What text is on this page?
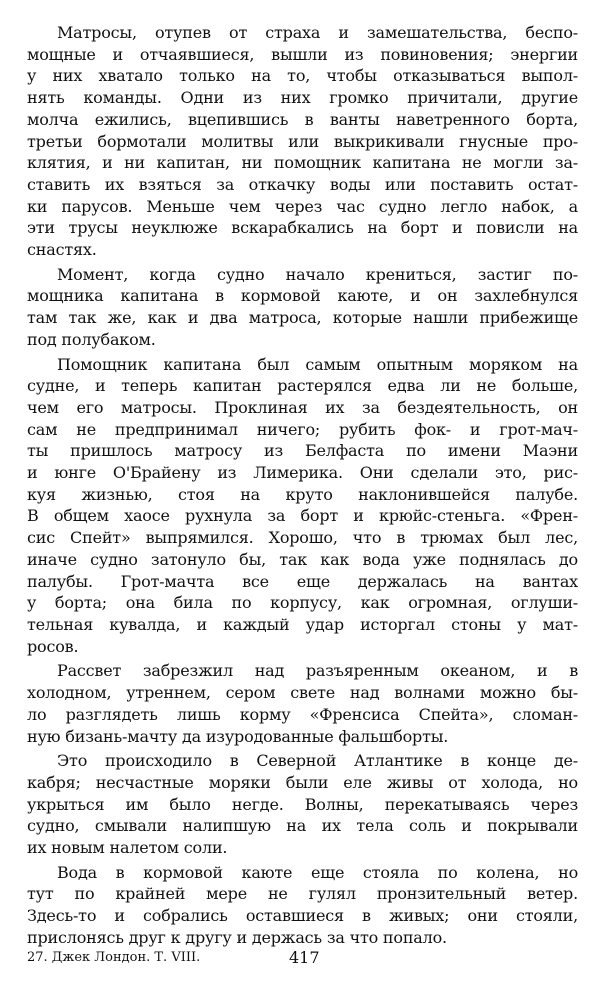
Матросы, отупев от страха и замешательства, беспо-
мощные и отчаявшиеся, вышли из повиновения; энергии
у них хватало только на то, чтобы отказываться выпол-
нять команды. Одни из них громко причитали, другие
молча ежились, вцепившись в ванты наветренного борта,
третьи бормотали молитвы или выкрикивали гнусные про-
клятия, и ни капитан, ни помощник капитана не могли за-
ставить их взяться за откачку воды или поставить остат-
ки парусов. Меньше чем через час судно легло набок, а
эти трусы неуклюже вскарабкались на борт и повисли на
снастях.
Момент, когда судно начало крениться, застиг по-
мощника капитана в кормовой каюте, и он захлебнулся
там так же, как и два матроса, которые нашли прибежище
под полубаком.
Помощник капитана был самым опытным моряком на
судне, и теперь капитан растерялся едва ли не больше,
чем его матросы. Проклиная их за бездеятельность, он
сам не предпринимал ничего; рубить фок- и грот-мач-
ты пришлось матросу из Белфаста по имени Маэни
и юнге О'Брайену из Лимерика. Они сделали это, рис-
куя жизнью, стоя на круто наклонившейся палубе.
В общем хаосе рухнула за борт и крюйс-стеньга. «Френ-
сис Спейт» выпрямился. Хорошо, что в трюмах был лес,
иначе судно затонуло бы, так как вода уже поднялась до
палубы. Грот-мачта все еще держалась на вантах
у борта; она била по корпусу, как огромная, оглуши-
тельная кувалда, и каждый удар исторгал стоны у мат-
росов.
Рассвет забрезжил над разъяренным океаном, и в
холодном, утреннем, сером свете над волнами можно бы-
ло разглядеть лишь корму «Френсиса Спейта», сломан-
ную бизань-мачту да изуродованные фальшборты.
Это происходило в Северной Атлантике в конце де-
кабря; несчастные моряки были еле живы от холода, но
укрыться им было негде. Волны, перекатываясь через
судно, смывали налипшую на их тела соль и покрывали
их новым налетом соли.
Вода в кормовой каюте еще стояла по колена, но
тут по крайней мере не гулял пронзительный ветер.
Здесь-то и собрались оставшиеся в живых; они стояли,
прислонясь друг к другу и держась за что попало.
27. Джек Лондон. Т. VIII.	417
